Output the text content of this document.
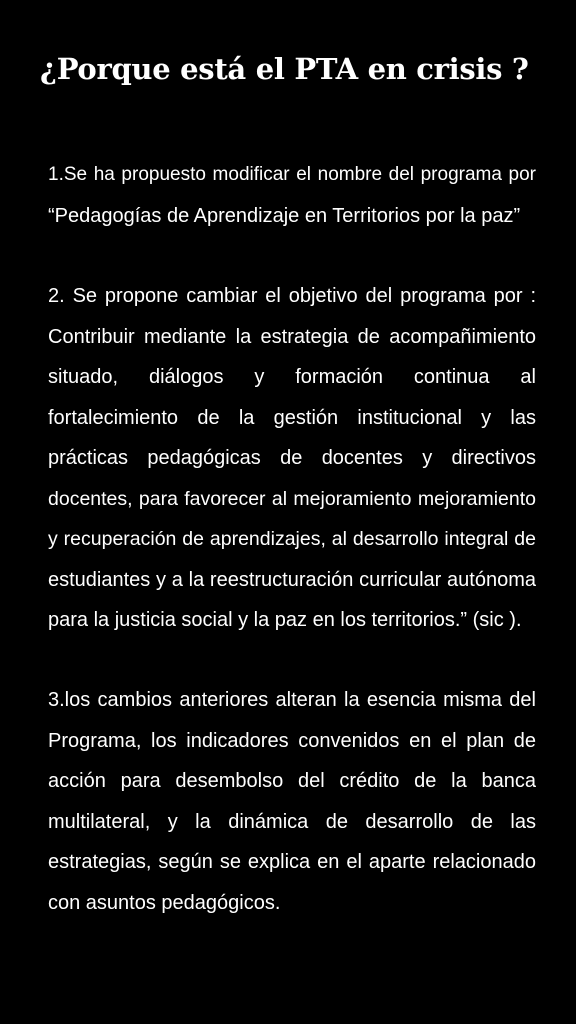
¿Porque está el PTA en crisis ?
1.Se ha propuesto modificar el nombre del programa por
“Pedagogías de Aprendizaje en Territorios por la paz”
2. Se propone cambiar el objetivo del programa por :
Contribuir mediante la estrategia de acompañimiento
situado, diálogos y formación continua al
fortalecimiento de la gestión institucional y las
prácticas pedagógicas de docentes y directivos
docentes, para favorecer al mejoramiento mejoramiento
y recuperación de aprendizajes, al desarrollo integral de
estudiantes y a la reestructuración curricular autónoma
para la justicia social y la paz en los territorios.” (sic ).
3.los cambios anteriores alteran la esencia misma del
Programa, los indicadores convenidos en el plan de
acción para desembolso del crédito de la banca
multilateral, y la dinámica de desarrollo de las
estrategias, según se explica en el aparte relacionado
con asuntos pedagógicos.
